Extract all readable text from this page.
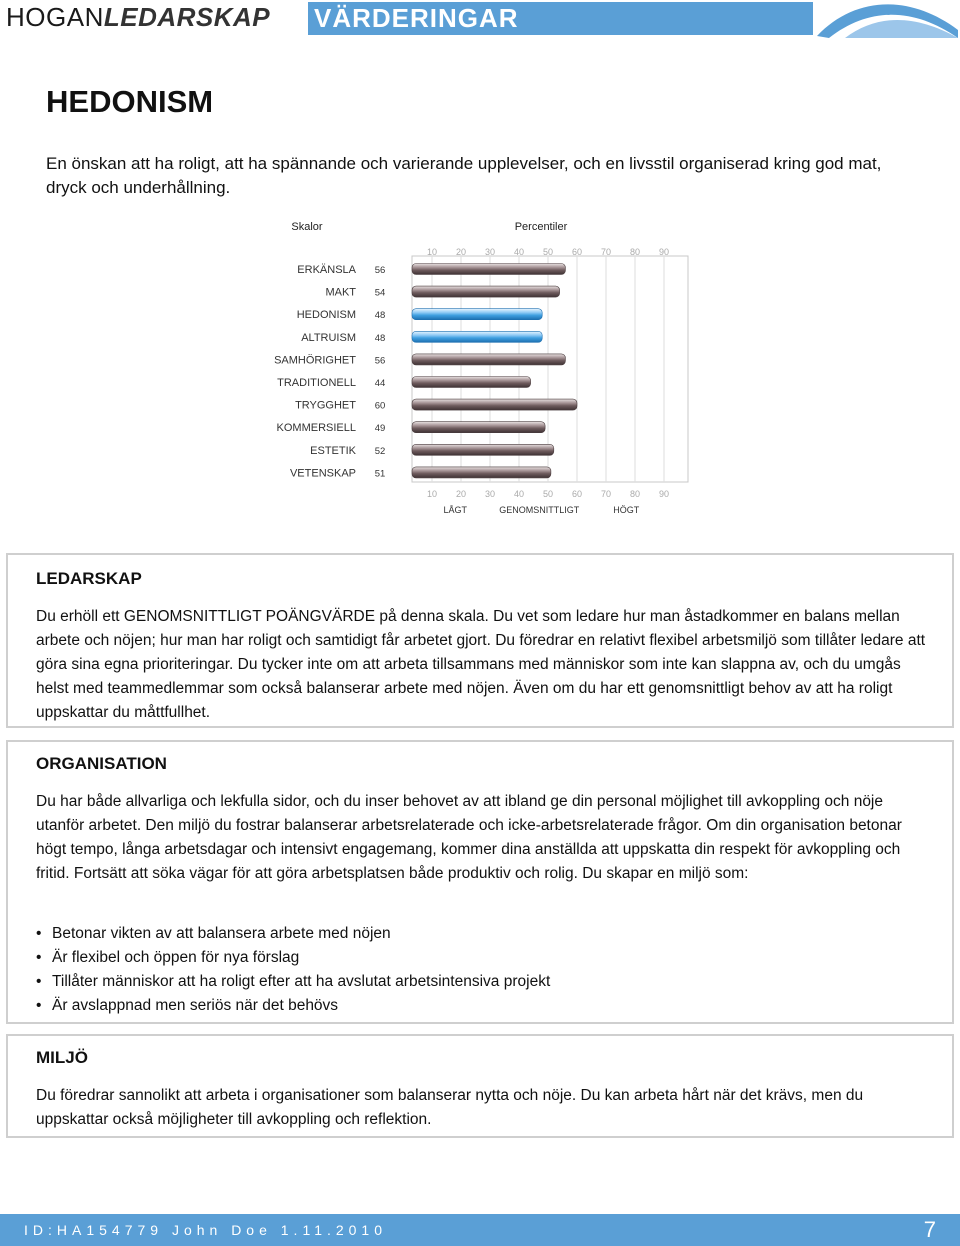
HOGANLEDARSKAP VÄRDERINGAR
HEDONISM

En önskan att ha roligt, att ha spännande och varierande upplevelser, och en livsstil organiserad kring god mat, dryck och underhållning.

Skalor	Percentiler
10
10
20
20
30
30
40
40
50
50
60
60
70
70
80
80
90
90
LÅGT	GENOMSNITTLIGT	HÖGT
ERKÄNSLA 56
MAKT 54
HEDONISM 48
ALTRUISM 48
SAMHÖRIGHET 56
TRADITIONELL 44
TRYGGHET 60
KOMMERSIELL 49
ESTETIK 52
VETENSKAP 51
LEDARSKAP

Du erhöll ett GENOMSNITTLIGT POÄNGVÄRDE på denna skala. Du vet som ledare hur man åstadkommer en balans mellan arbete och nöjen; hur man har roligt och samtidigt får arbetet gjort. Du föredrar en relativt flexibel arbetsmiljö som tillåter ledare att göra sina egna prioriteringar. Du tycker inte om att arbeta tillsammans med människor som inte kan slappna av, och du umgås helst med teammedlemmar som också balanserar arbete med nöjen. Även om du har ett genomsnittligt behov av att ha roligt uppskattar du måttfullhet.

ORGANISATION

Du har både allvarliga och lekfulla sidor, och du inser behovet av att ibland ge din personal möjlighet till avkoppling och nöje utanför arbetet. Den miljö du fostrar balanserar arbetsrelaterade och icke-arbetsrelaterade frågor. Om din organisation betonar högt tempo, långa arbetsdagar och intensivt engagemang, kommer dina anställda att uppskatta din respekt för avkoppling och fritid. Fortsätt att söka vägar för att göra arbetsplatsen både produktiv och rolig. Du skapar en miljö som:

• Betonar vikten av att balansera arbete med nöjen
• Är flexibel och öppen för nya förslag
• Tillåter människor att ha roligt efter att ha avslutat arbetsintensiva projekt
• Är avslappnad men seriös när det behövs
MILJÖ

Du föredrar sannolikt att arbeta i organisationer som balanserar nytta och nöje. Du kan arbeta hårt när det krävs, men du uppskattar också möjligheter till avkoppling och reflektion.

ID:HA154779 John Doe 1.11.2010	7
